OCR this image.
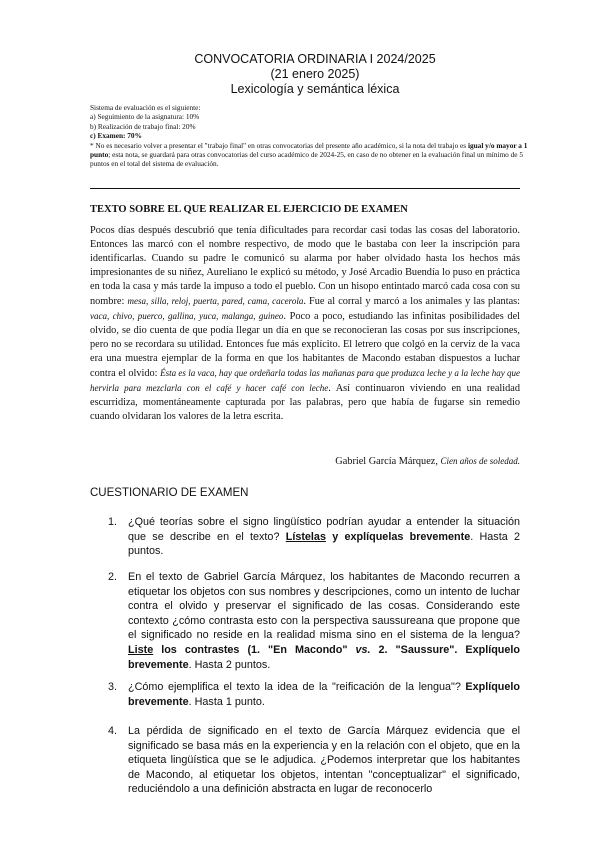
CONVOCATORIA ORDINARIA I 2024/2025
(21 enero 2025)
Lexicología y semántica léxica

Sistema de evaluación es el siguiente:

a) Seguimiento de la asignatura: 10%

b) Realización de trabajo final: 20%

c) Examen: 70%

* No es necesario volver a presentar el "trabajo final" en otras convocatorias del presente año académico, si la nota del trabajo es igual y/o mayor a 1 punto; esta nota, se guardará para otras convocatorias del curso académico de 2024-25, en caso de no obtener en la evaluación final un mínimo de 5 puntos en el total del sistema de evaluación.

TEXTO SOBRE EL QUE REALIZAR EL EJERCICIO DE EXAMEN

Pocos días después descubrió que tenía dificultades para recordar casi todas las cosas del laboratorio. Entonces las marcó con el nombre respectivo, de modo que le bastaba con leer la inscripción para identificarlas. Cuando su padre le comunicó su alarma por haber olvidado hasta los hechos más impresionantes de su niñez, Aureliano le explicó su método, y José Arcadio Buendía lo puso en práctica en toda la casa y más tarde la impuso a todo el pueblo. Con un hisopo entintado marcó cada cosa con su nombre: mesa, silla, reloj, puerta, pared, cama, cacerola. Fue al corral y marcó a los animales y las plantas: vaca, chivo, puerco, gallina, yuca, malanga, guineo. Poco a poco, estudiando las infinitas posibilidades del olvido, se dio cuenta de que podía llegar un día en que se reconocieran las cosas por sus inscripciones, pero no se recordara su utilidad. Entonces fue más explícito. El letrero que colgó en la cerviz de la vaca era una muestra ejemplar de la forma en que los habitantes de Macondo estaban dispuestos a luchar contra el olvido: Ésta es la vaca, hay que ordeñarla todas las mañanas para que produzca leche y a la leche hay que hervirla para mezclarla con el café y hacer café con leche. Así continuaron viviendo en una realidad escurridiza, momentáneamente capturada por las palabras, pero que había de fugarse sin remedio cuando olvidaran los valores de la letra escrita.

Gabriel García Márquez, Cien años de soledad.
CUESTIONARIO DE EXAMEN
1.	¿Qué teorías sobre el signo lingüístico podrían ayudar a entender la situación que se describe en el texto? Lístelas y explíquelas brevemente. Hasta 2 puntos.
2.	En el texto de Gabriel García Márquez, los habitantes de Macondo recurren a etiquetar los objetos con sus nombres y descripciones, como un intento de luchar contra el olvido y preservar el significado de las cosas. Considerando este contexto ¿cómo contrasta esto con la perspectiva saussureana que propone que el significado no reside en la realidad misma sino en el sistema de la lengua? Liste los contrastes (1. "En Macondo" vs. 2. "Saussure". Explíquelo brevemente. Hasta 2 puntos.
3.	¿Cómo ejemplifica el texto la idea de la "reificación de la lengua"? Explíquelo brevemente. Hasta 1 punto.
4.	La pérdida de significado en el texto de García Márquez evidencia que el significado se basa más en la experiencia y en la relación con el objeto, que en la etiqueta lingüística que se le adjudica. ¿Podemos interpretar que los habitantes de Macondo, al etiquetar los objetos, intentan "conceptualizar" el significado, reduciéndolo a una definición abstracta en lugar de reconocerlo
